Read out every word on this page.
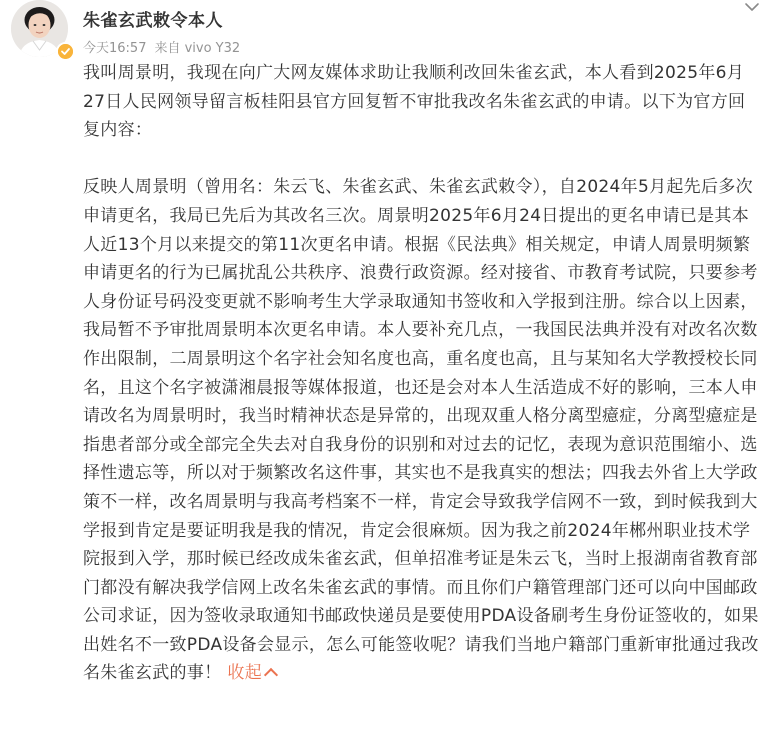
朱雀玄武敕令本人
今天16:57 来自 vivo Y32

我叫周景明，我现在向广大网友媒体求助让我顺利改回朱雀玄武，本人看到2025年6月27日人民网领导留言板桂阳县官方回复暂不审批我改名朱雀玄武的申请。以下为官方回复内容：

反映人周景明（曾用名：朱云飞、朱雀玄武、朱雀玄武敕令），自2024年5月起先后多次申请更名，我局已先后为其改名三次。周景明2025年6月24日提出的更名申请已是其本人近13个月以来提交的第11次更名申请。根据《民法典》相关规定，申请人周景明频繁申请更名的行为已属扰乱公共秩序、浪费行政资源。经对接省、市教育考试院，只要参考人身份证号码没变更就不影响考生大学录取通知书签收和入学报到注册。综合以上因素，我局暂不予审批周景明本次更名申请。本人要补充几点，一我国民法典并没有对改名次数作出限制，二周景明这个名字社会知名度也高，重名度也高，且与某知名大学教授校长同名，且这个名字被潇湘晨报等媒体报道，也还是会对本人生活造成不好的影响，三本人申请改名为周景明时，我当时精神状态是异常的，出现双重人格分离型癔症，分离型癔症是指患者部分或全部完全失去对自我身份的识别和对过去的记忆，表现为意识范围缩小、选择性遗忘等，所以对于频繁改名这件事，其实也不是我真实的想法；四我去外省上大学政策不一样，改名周景明与我高考档案不一样，肯定会导致我学信网不一致，到时候我到大学报到肯定是要证明我是我的情况，肯定会很麻烦。因为我之前2024年郴州职业技术学院报到入学，那时候已经改成朱雀玄武，但单招准考证是朱云飞，当时上报湖南省教育部门都没有解决我学信网上改名朱雀玄武的事情。而且你们户籍管理部门还可以向中国邮政公司求证，因为签收录取通知书邮政快递员是要使用PDA设备刷考生身份证签收的，如果出姓名不一致PDA设备会显示，怎么可能签收呢？请我们当地户籍部门重新审批通过我改名朱雀玄武的事！ 收起
